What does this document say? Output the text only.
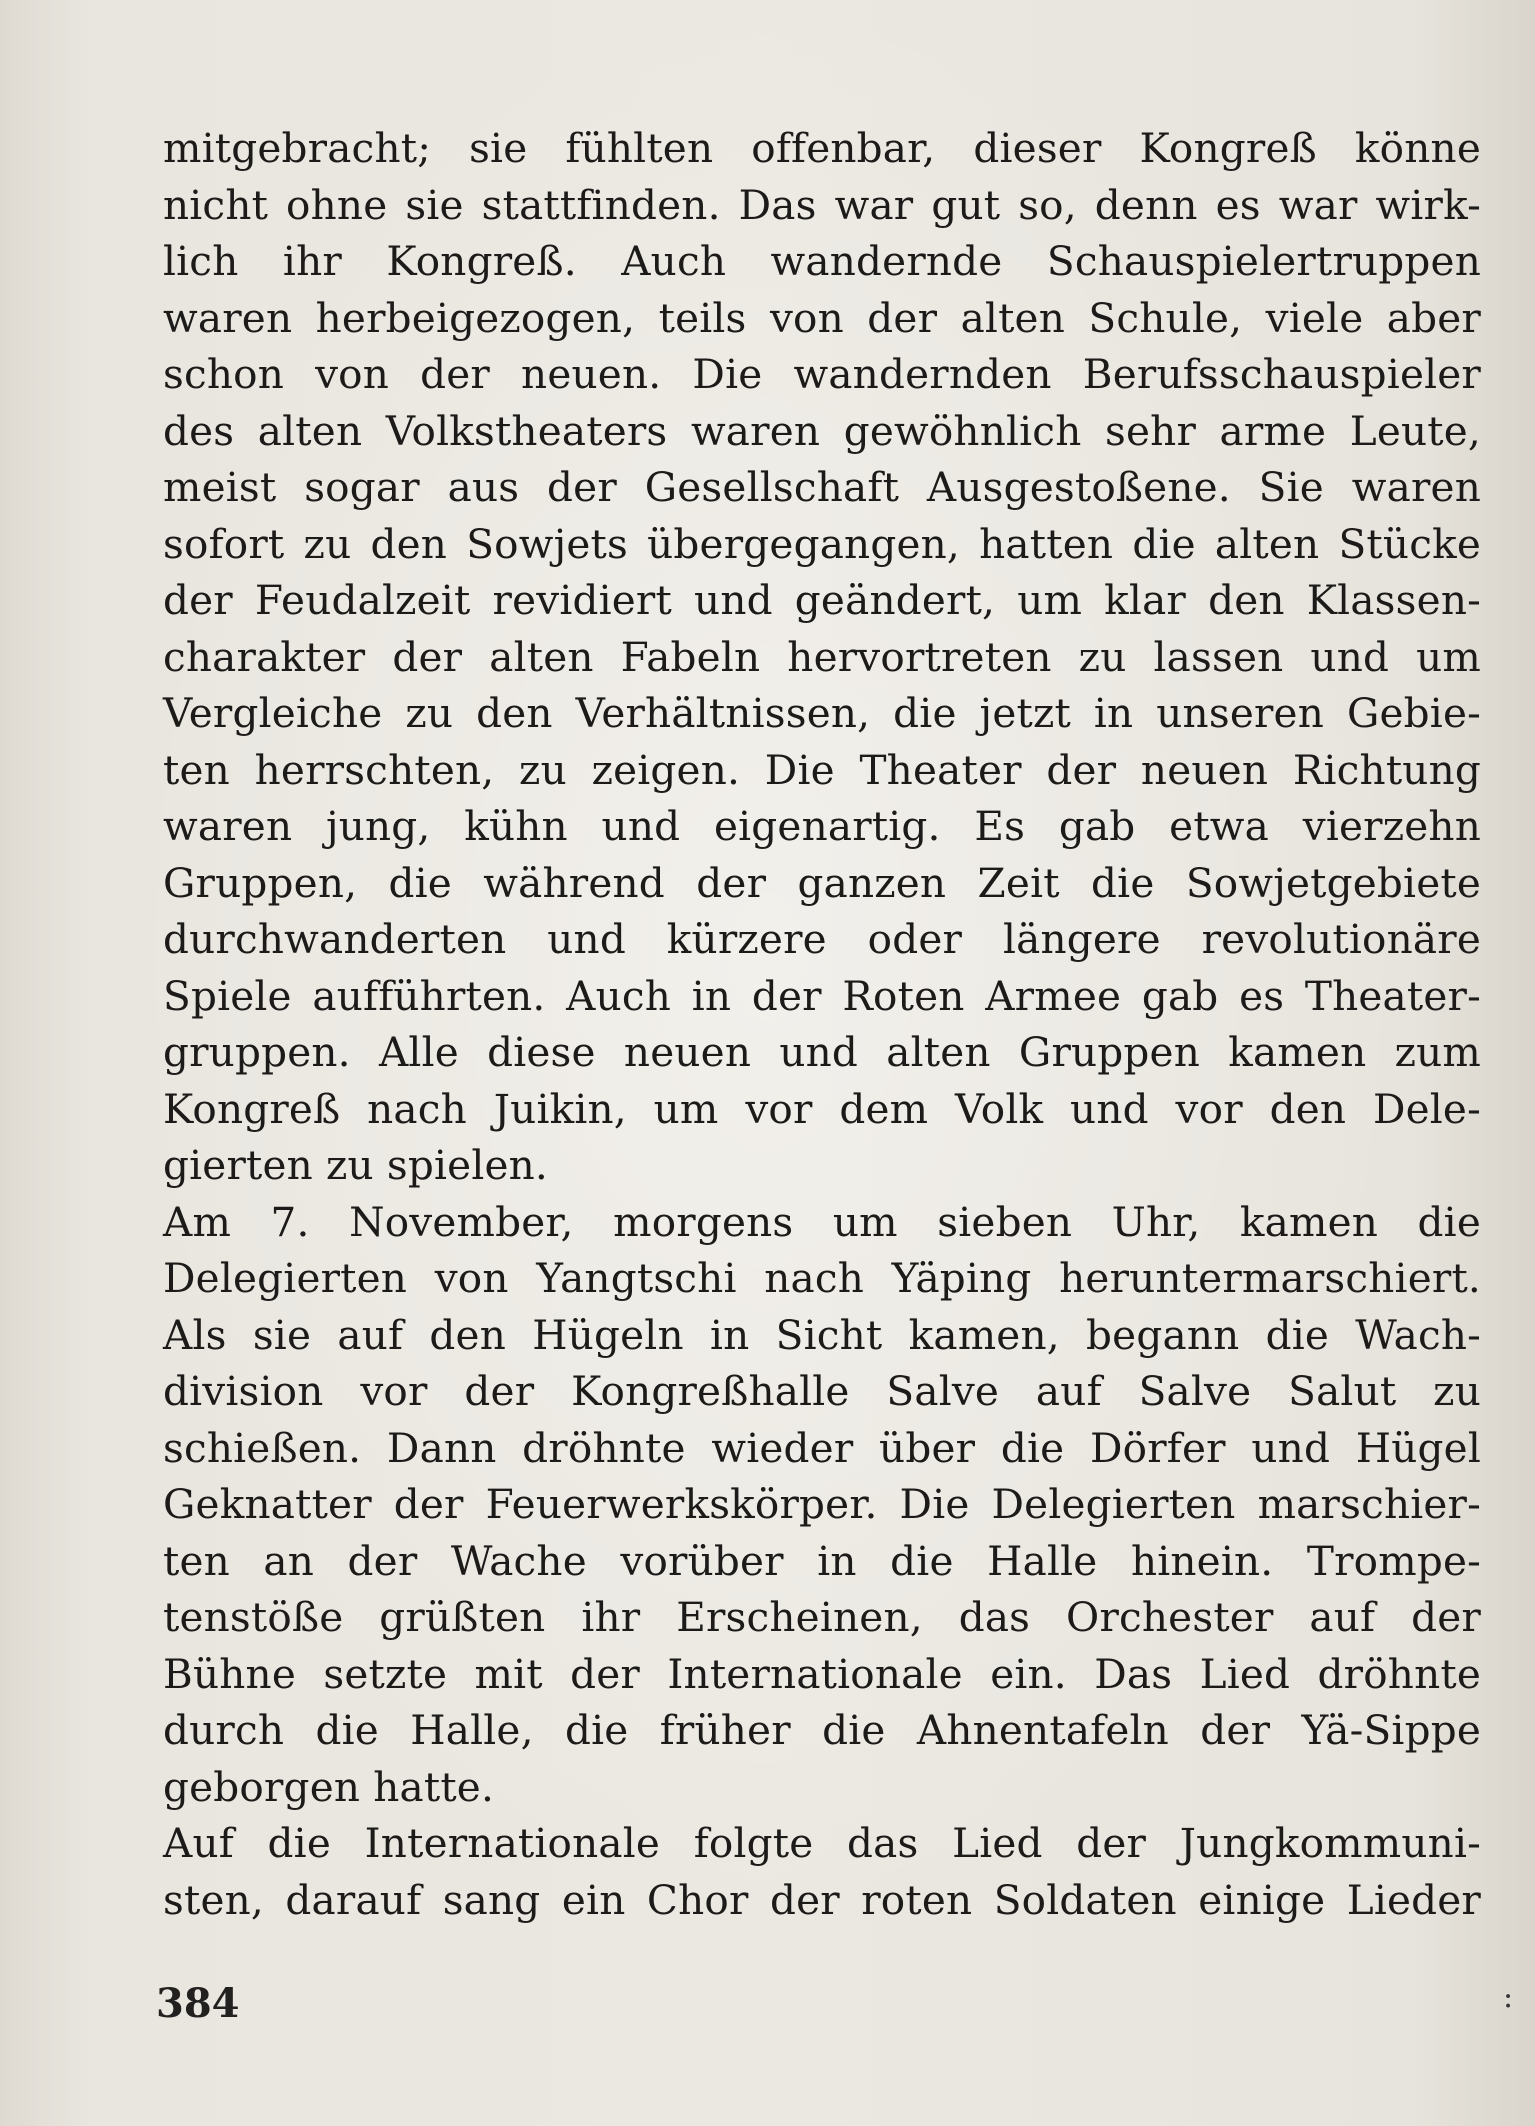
mitgebracht; sie fühlten offenbar, dieser Kongreß könne
nicht ohne sie stattfinden. Das war gut so, denn es war wirk-
lich ihr Kongreß. Auch wandernde Schauspielertruppen
waren herbeigezogen, teils von der alten Schule, viele aber
schon von der neuen. Die wandernden Berufsschauspieler
des alten Volkstheaters waren gewöhnlich sehr arme Leute,
meist sogar aus der Gesellschaft Ausgestoßene. Sie waren
sofort zu den Sowjets übergegangen, hatten die alten Stücke
der Feudalzeit revidiert und geändert, um klar den Klassen-
charakter der alten Fabeln hervortreten zu lassen und um
Vergleiche zu den Verhältnissen, die jetzt in unseren Gebie-
ten herrschten, zu zeigen. Die Theater der neuen Richtung
waren jung, kühn und eigenartig. Es gab etwa vierzehn
Gruppen, die während der ganzen Zeit die Sowjetgebiete
durchwanderten und kürzere oder längere revolutionäre
Spiele aufführten. Auch in der Roten Armee gab es Theater-
gruppen. Alle diese neuen und alten Gruppen kamen zum
Kongreß nach Juikin, um vor dem Volk und vor den Dele-
gierten zu spielen.
Am 7. November, morgens um sieben Uhr, kamen die
Delegierten von Yangtschi nach Yäping heruntermarschiert.
Als sie auf den Hügeln in Sicht kamen, begann die Wach-
division vor der Kongreßhalle Salve auf Salve Salut zu
schießen. Dann dröhnte wieder über die Dörfer und Hügel
Geknatter der Feuerwerkskörper. Die Delegierten marschier-
ten an der Wache vorüber in die Halle hinein. Trompe-
tenstöße grüßten ihr Erscheinen, das Orchester auf der
Bühne setzte mit der Internationale ein. Das Lied dröhnte
durch die Halle, die früher die Ahnentafeln der Yä-Sippe
geborgen hatte.
Auf die Internationale folgte das Lied der Jungkommuni-
sten, darauf sang ein Chor der roten Soldaten einige Lieder
384	:
